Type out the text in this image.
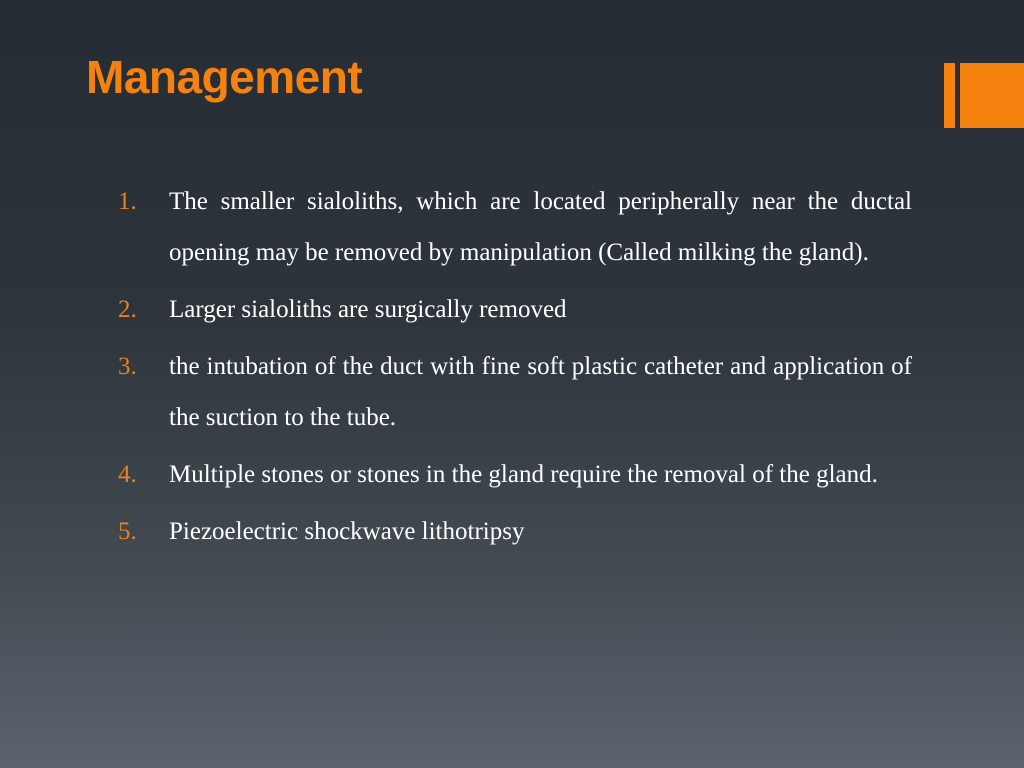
Management
1.	The smaller sialoliths, which are located peripherally near the ductal opening may be removed by manipulation (Called milking the gland).
2.	Larger sialoliths are surgically removed
3.	the intubation of the duct with fine soft plastic catheter and application of the suction to the tube.
4.	Multiple stones or stones in the gland require the removal of the gland.
5.	Piezoelectric shockwave lithotripsy
